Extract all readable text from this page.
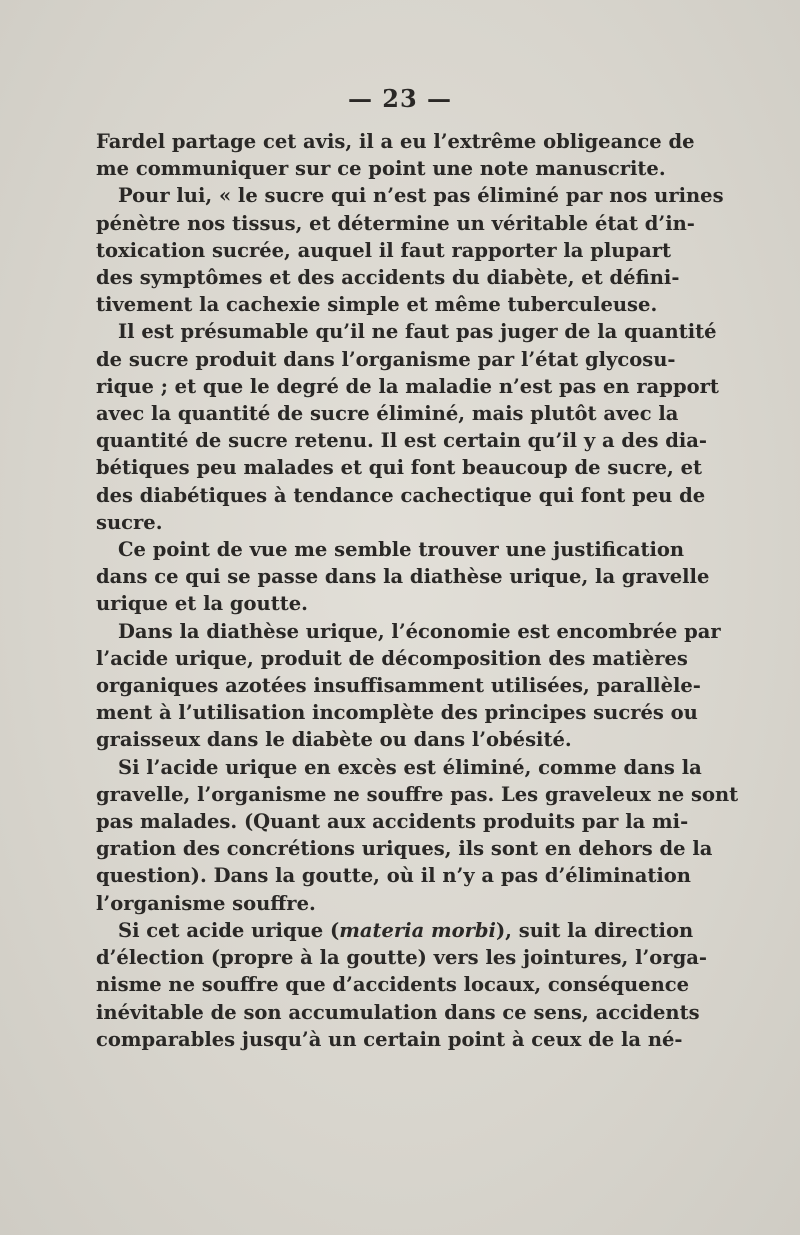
— 23 —
Fardel partage cet avis, il a eu l’extrême obligeance de
me communiquer sur ce point une note manuscrite.
Pour lui, « le sucre qui n’est pas éliminé par nos urines
pénètre nos tissus, et détermine un véritable état d’in-
toxication sucrée, auquel il faut rapporter la plupart
des symptômes et des accidents du diabète, et défini-
tivement la cachexie simple et même tuberculeuse.
Il est présumable qu’il ne faut pas juger de la quantité
de sucre produit dans l’organisme par l’état glycosu-
rique ; et que le degré de la maladie n’est pas en rapport
avec la quantité de sucre éliminé, mais plutôt avec la
quantité de sucre retenu. Il est certain qu’il y a des dia-
bétiques peu malades et qui font beaucoup de sucre, et
des diabétiques à tendance cachectique qui font peu de
sucre.
Ce point de vue me semble trouver une justification
dans ce qui se passe dans la diathèse urique, la gravelle
urique et la goutte.
Dans la diathèse urique, l’économie est encombrée par
l’acide urique, produit de décomposition des matières
organiques azotées insuffisamment utilisées, parallèle-
ment à l’utilisation incomplète des principes sucrés ou
graisseux dans le diabète ou dans l’obésité.
Si l’acide urique en excès est éliminé, comme dans la
gravelle, l’organisme ne souffre pas. Les graveleux ne sont
pas malades. (Quant aux accidents produits par la mi-
gration des concrétions uriques, ils sont en dehors de la
question). Dans la goutte, où il n’y a pas d’élimination
l’organisme souffre.
Si cet acide urique (materia morbi), suit la direction
d’élection (propre à la goutte) vers les jointures, l’orga-
nisme ne souffre que d’accidents locaux, conséquence
inévitable de son accumulation dans ce sens, accidents
comparables jusqu’à un certain point à ceux de la né-
